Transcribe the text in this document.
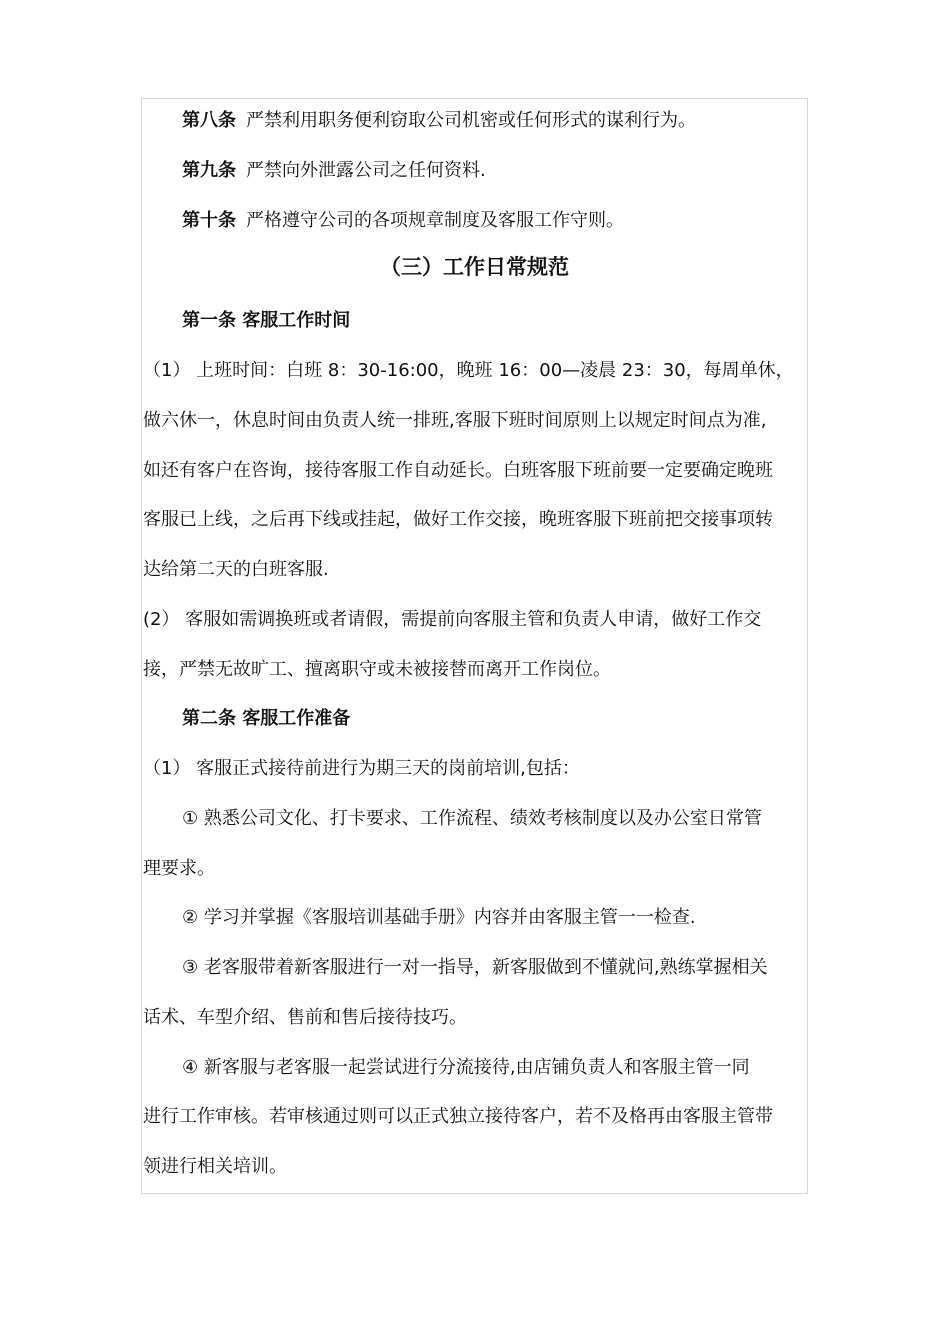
第八条 严禁利用职务便利窃取公司机密或任何形式的谋利行为。
第九条 严禁向外泄露公司之任何资料.
第十条 严格遵守公司的各项规章制度及客服工作守则。
（三）工作日常规范
第一条 客服工作时间
（1） 上班时间：白班 8：30-16:00，晚班 16：00—凌晨 23：30，每周单休，
做六休一，休息时间由负责人统一排班,客服下班时间原则上以规定时间点为准,
如还有客户在咨询，接待客服工作自动延长。白班客服下班前要一定要确定晚班
客服已上线，之后再下线或挂起，做好工作交接，晚班客服下班前把交接事项转
达给第二天的白班客服.
(2） 客服如需调换班或者请假，需提前向客服主管和负责人申请，做好工作交
接，严禁无故旷工、擅离职守或未被接替而离开工作岗位。
第二条 客服工作准备
（1） 客服正式接待前进行为期三天的岗前培训,包括：
① 熟悉公司文化、打卡要求、工作流程、绩效考核制度以及办公室日常管
理要求。
② 学习并掌握《客服培训基础手册》内容并由客服主管一一检查.
③ 老客服带着新客服进行一对一指导，新客服做到不懂就问,熟练掌握相关
话术、车型介绍、售前和售后接待技巧。
④ 新客服与老客服一起尝试进行分流接待,由店铺负责人和客服主管一同
进行工作审核。若审核通过则可以正式独立接待客户，若不及格再由客服主管带
领进行相关培训。
